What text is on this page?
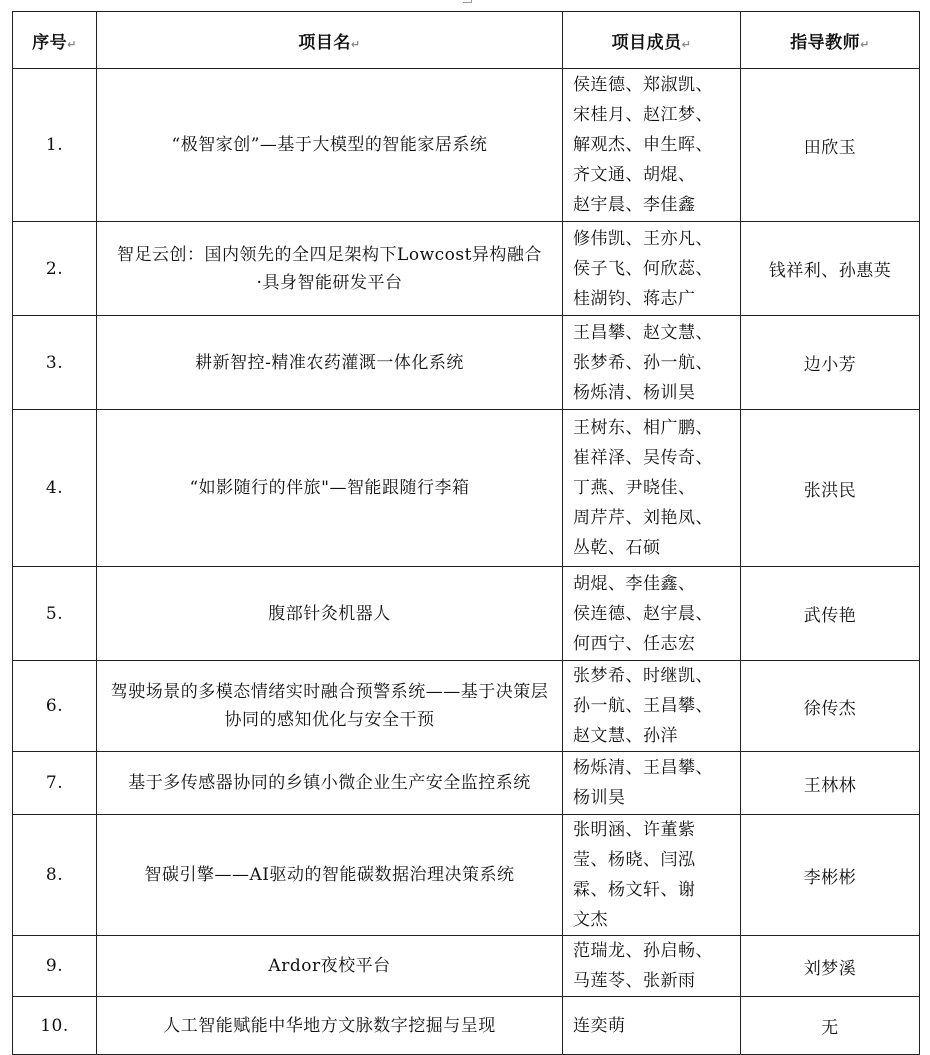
序号↵	项目名↵	项目成员↵	指导教师↵
1.	“极智家创”—基于大模型的智能家居系统	侯连德、郑淑凯、
宋桂月、赵江梦、
解观杰、申生晖、
齐文通、胡焜、
赵宇晨、李佳鑫	田欣玉
2.	智足云创：国内领先的全四足架构下Lowcost异构融合·具身智能研发平台	修伟凯、王亦凡、
侯子飞、何欣蕊、
桂湖钧、蒋志广	钱祥利、孙惠英
3.	耕新智控-精准农药灌溉一体化系统	王昌攀、赵文慧、
张梦希、孙一航、
杨烁清、杨训昊	边小芳
4.	“如影随行的伴旅"—智能跟随行李箱	王树东、相广鹏、
崔祥泽、吴传奇、
丁燕、尹晓佳、
周芹芹、刘艳凤、
丛乾、石硕	张洪民
5.	腹部针灸机器人	胡焜、李佳鑫、
侯连德、赵宇晨、
何西宁、任志宏	武传艳
6.	驾驶场景的多模态情绪实时融合预警系统——基于决策层协同的感知优化与安全干预	张梦希、时继凯、
孙一航、王昌攀、
赵文慧、孙洋	徐传杰
7.	基于多传感器协同的乡镇小微企业生产安全监控系统	杨烁清、王昌攀、
杨训昊	王林林
8.	智碳引擎——AI驱动的智能碳数据治理决策系统	张明涵、许董紫
莹、杨晓、闫泓
霖、杨文轩、谢
文杰	李彬彬
9.	Ardor夜校平台	范瑞龙、孙启畅、
马莲苓、张新雨	刘梦溪
10.	人工智能赋能中华地方文脉数字挖掘与呈现	连奕萌	无
